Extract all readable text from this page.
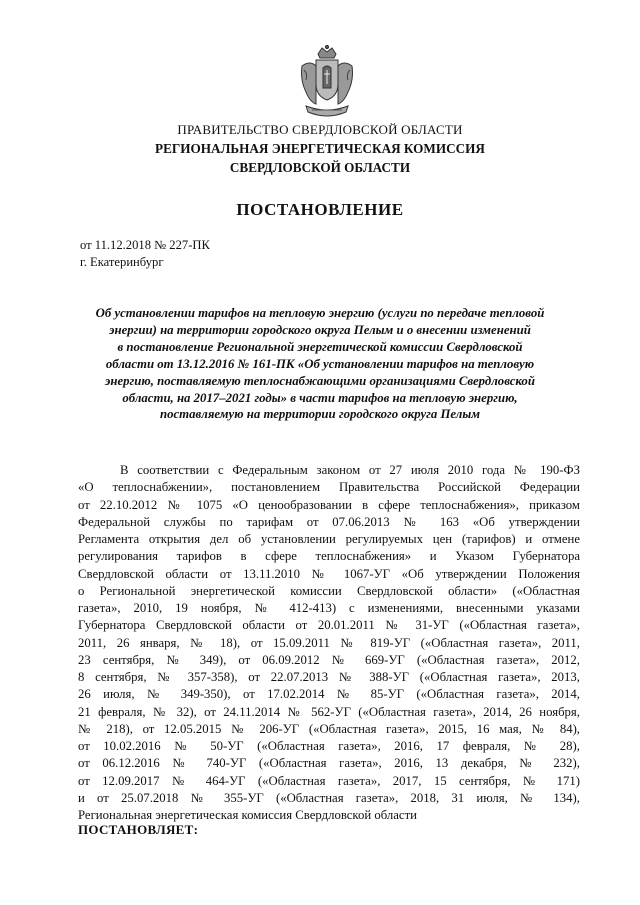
ПРАВИТЕЛЬСТВО СВЕРДЛОВСКОЙ ОБЛАСТИ
РЕГИОНАЛЬНАЯ ЭНЕРГЕТИЧЕСКАЯ КОМИССИЯ
СВЕРДЛОВСКОЙ ОБЛАСТИ
ПОСТАНОВЛЕНИЕ
от 11.12.2018 № 227-ПК
г. Екатеринбург
Об установлении тарифов на тепловую энергию (услуги по передаче тепловой
энергии) на территории городского округа Пелым и о внесении изменений
в постановление Региональной энергетической комиссии Свердловской
области от 13.12.2016 № 161-ПК «Об установлении тарифов на тепловую
энергию, поставляемую теплоснабжающими организациями Свердловской
области, на 2017–2021 годы» в части тарифов на тепловую энергию,
поставляемую на территории городского округа Пелым
В соответствии с Федеральным законом от 27 июля 2010 года № 190-ФЗ
«О теплоснабжении», постановлением Правительства Российской Федерации
от 22.10.2012 № 1075 «О ценообразовании в сфере теплоснабжения», приказом
Федеральной службы по тарифам от 07.06.2013 № 163 «Об утверждении
Регламента открытия дел об установлении регулируемых цен (тарифов) и отмене
регулирования тарифов в сфере теплоснабжения» и Указом Губернатора
Свердловской области от 13.11.2010 № 1067-УГ «Об утверждении Положения
о Региональной энергетической комиссии Свердловской области» («Областная
газета», 2010, 19 ноября, № 412-413) с изменениями, внесенными указами
Губернатора Свердловской области от 20.01.2011 № 31-УГ («Областная газета»,
2011, 26 января, № 18), от 15.09.2011 № 819-УГ («Областная газета», 2011,
23 сентября, № 349), от 06.09.2012 № 669-УГ («Областная газета», 2012,
8 сентября, № 357-358), от 22.07.2013 № 388-УГ («Областная газета», 2013,
26 июля, № 349-350), от 17.02.2014 № 85-УГ («Областная газета», 2014,
21 февраля, № 32), от 24.11.2014 № 562-УГ («Областная газета», 2014, 26 ноября,
№ 218), от 12.05.2015 № 206-УГ («Областная газета», 2015, 16 мая, № 84),
от 10.02.2016 № 50-УГ («Областная газета», 2016, 17 февраля, № 28),
от 06.12.2016 № 740-УГ («Областная газета», 2016, 13 декабря, № 232),
от 12.09.2017 № 464-УГ («Областная газета», 2017, 15 сентября, № 171)
и от 25.07.2018 № 355-УГ («Областная газета», 2018, 31 июля, № 134),
Региональная энергетическая комиссия Свердловской области
ПОСТАНОВЛЯЕТ:
